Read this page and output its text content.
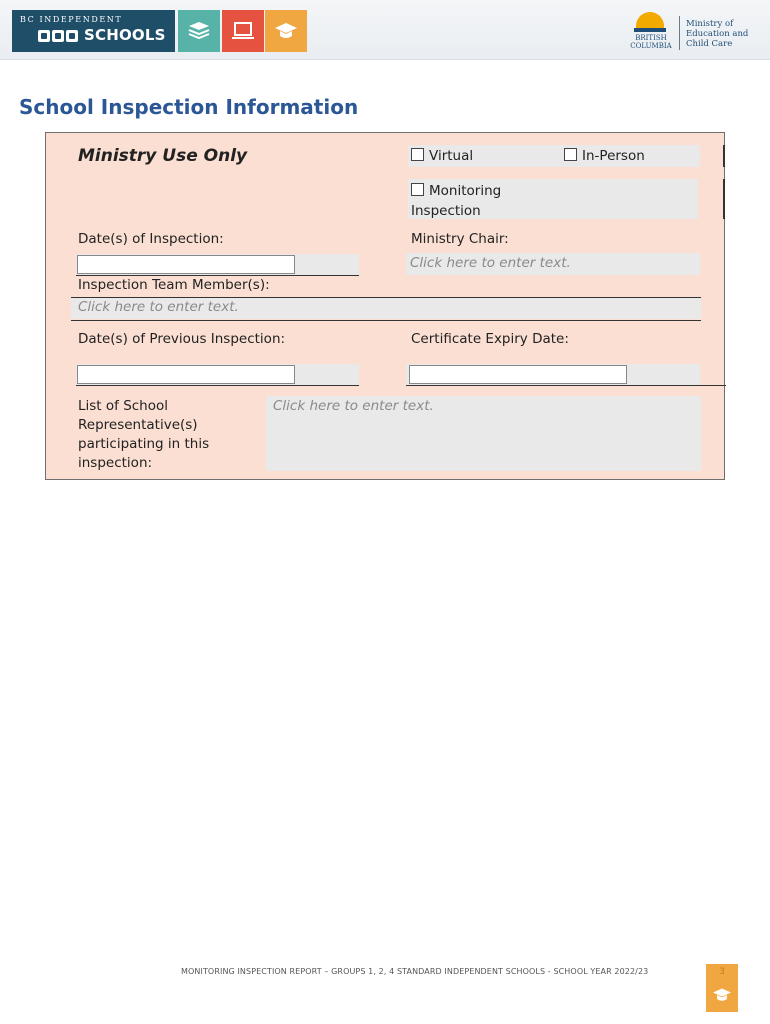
BC INDEPENDENT
SCHOOLS	BRITISH
COLUMBIA
Ministry of
Education and
Child Care
School Inspection Information
Ministry Use Only	Virtual	In-Person
Monitoring
Inspection
Date(s) of Inspection:	Ministry Chair:
Click here to enter text.
Inspection Team Member(s):
Click here to enter text.
Date(s) of Previous Inspection:	Certificate Expiry Date:
List of School
Representative(s)
participating in this
inspection:
Click here to enter text.
MONITORING INSPECTION REPORT – GROUPS 1, 2, 4 STANDARD INDEPENDENT SCHOOLS - SCHOOL YEAR 2022/23	3
